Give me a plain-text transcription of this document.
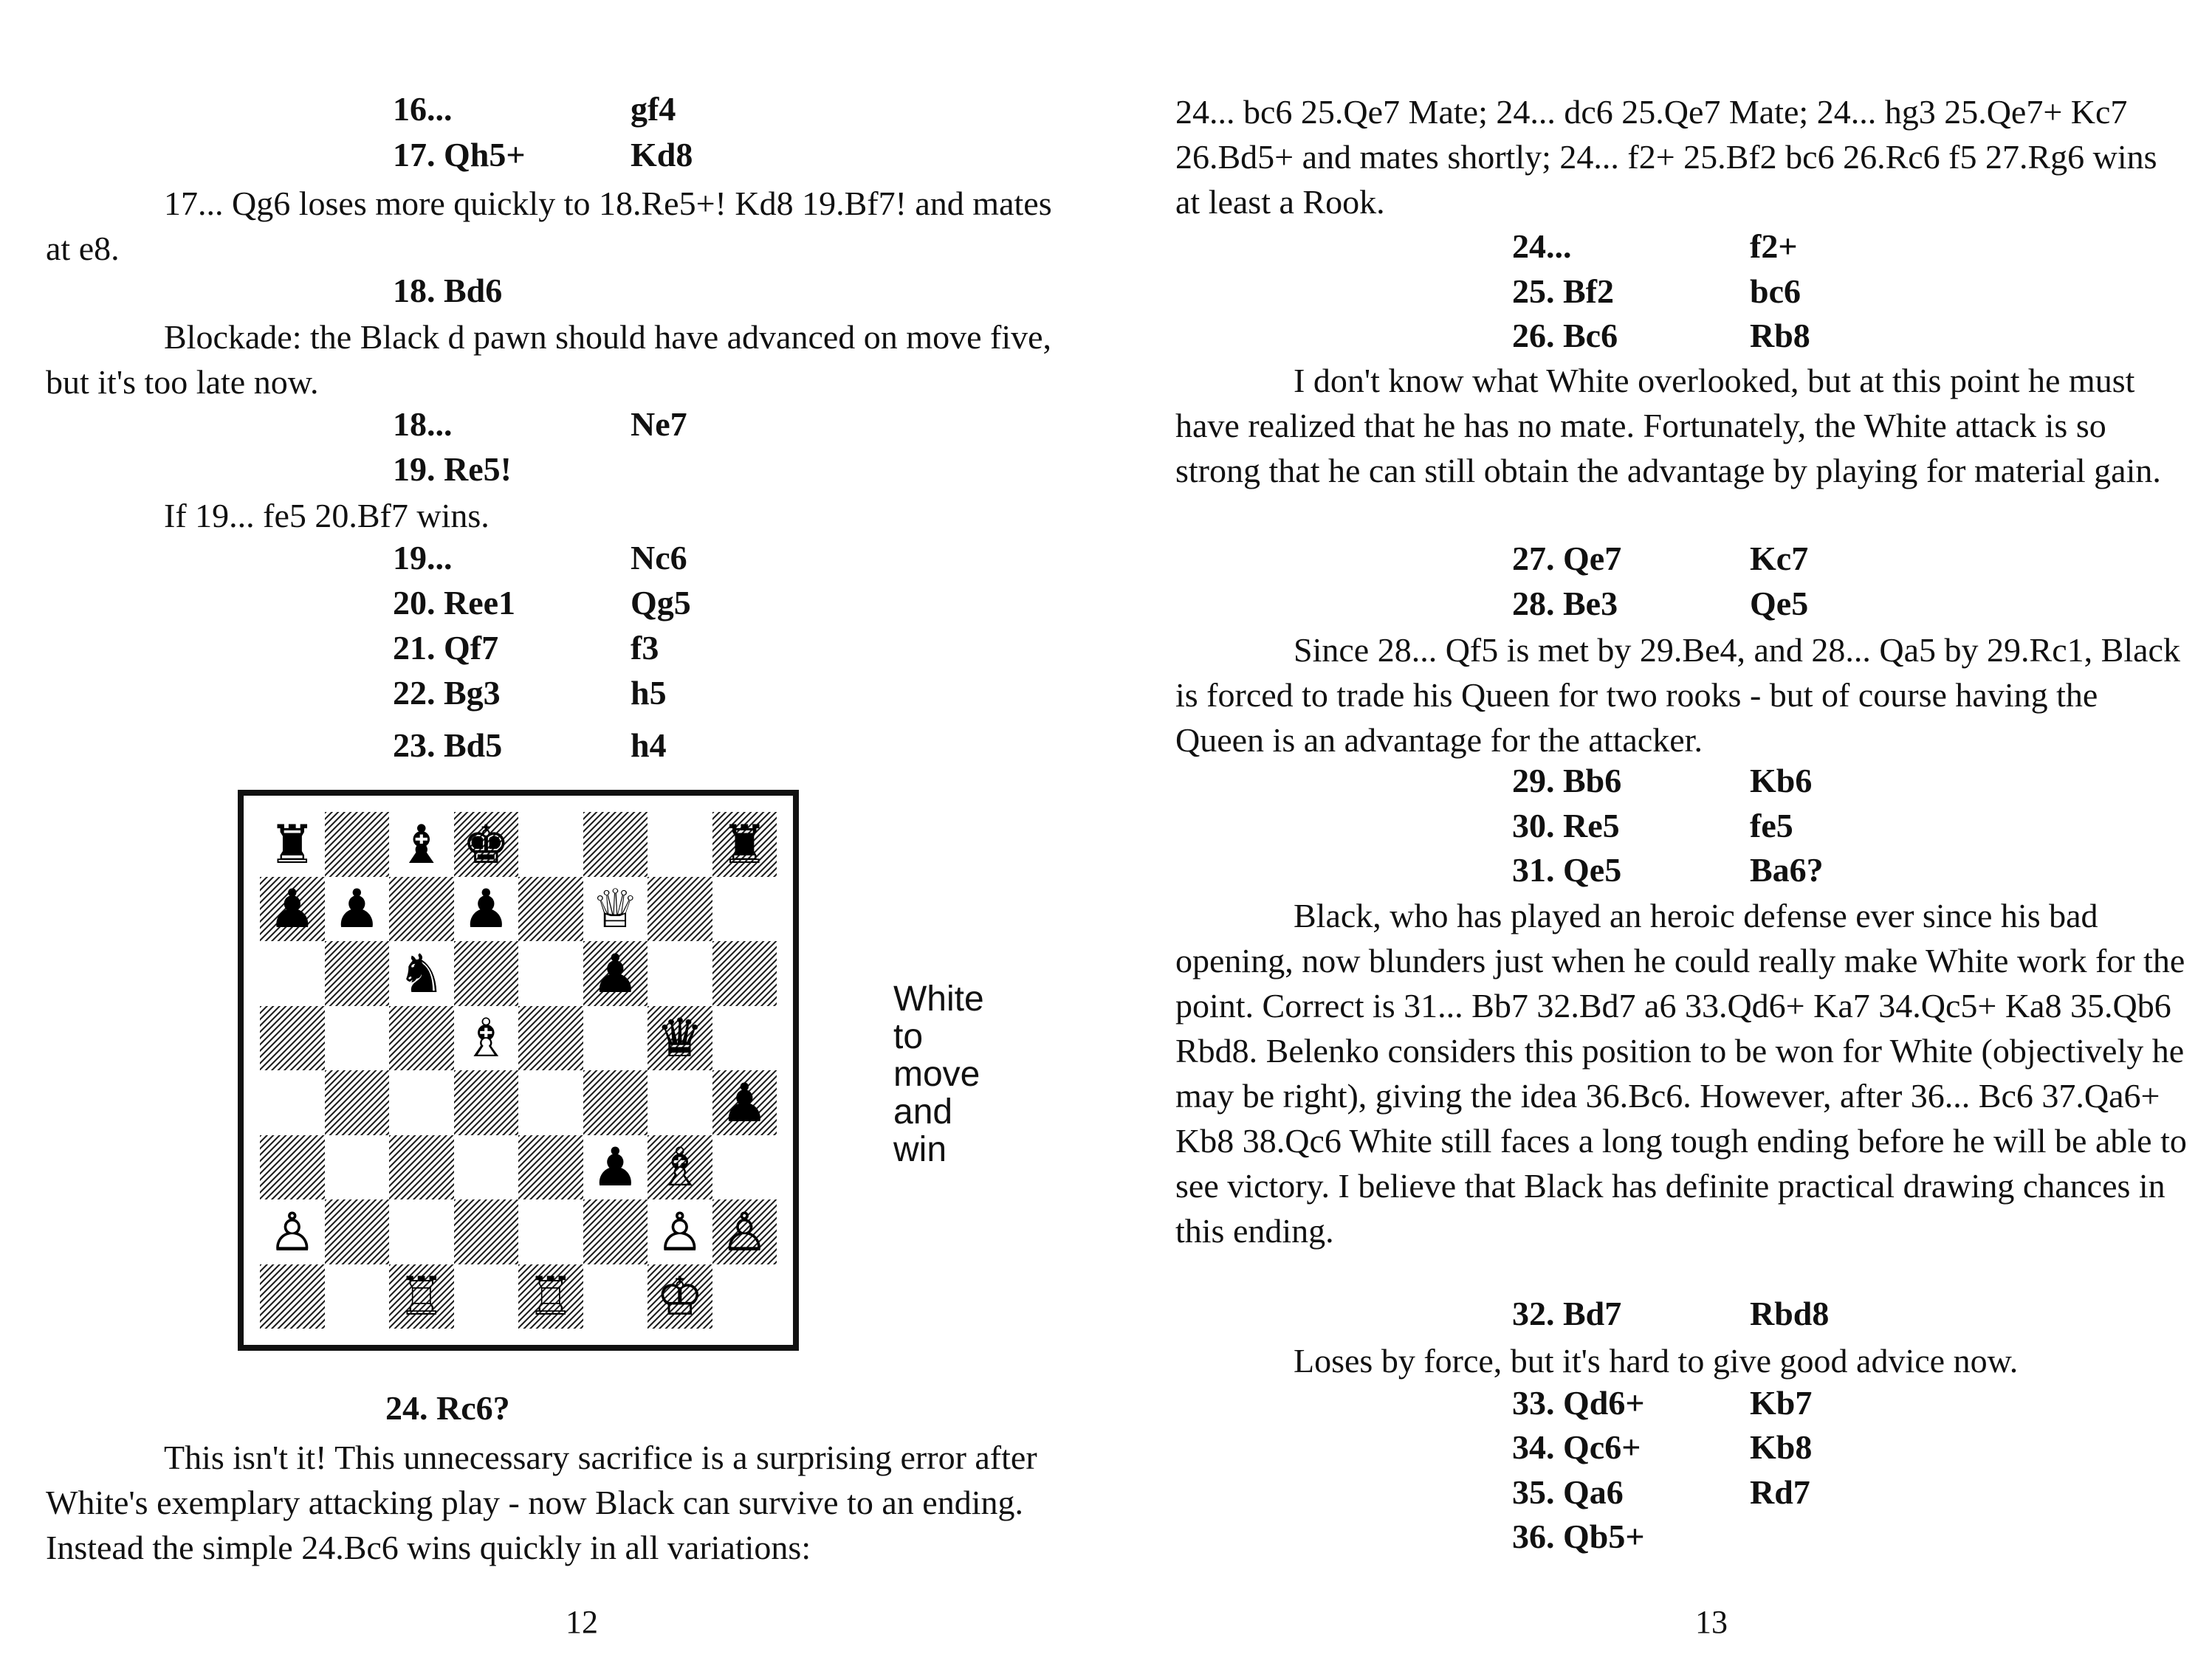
16...	gf4
17. Qh5+	Kd8

17... Qg6 loses more quickly to 18.Re5+! Kd8 19.Bf7! and mates at e8.

18. Bd6

Blockade: the Black d pawn should have advanced on move five, but it's too late now.

18...	Ne7
19. Re5!

If 19... fe5 20.Bf7 wins.

19...	Nc6
20. Ree1	Qg5
21. Qf7	f3
22. Bg3	h5
23. Bd5	h4
♜ ♝ ♚	♜
♟ ♟ ♟ ♕
♞	♟
♗	♛
♟
♟ ♗
♙	♙ ♙
♖ ♖ ♔
White
to
move
and
win
24. Rc6?

This isn't it! This unnecessary sacrifice is a surprising error after White's exemplary attacking play - now Black can survive to an ending. Instead the simple 24.Bc6 wins quickly in all variations:

12

24... bc6 25.Qe7 Mate; 24... dc6 25.Qe7 Mate; 24... hg3 25.Qe7+ Kc7 26.Bd5+ and mates shortly; 24... f2+ 25.Bf2 bc6 26.Rc6 f5 27.Rg6 wins at least a Rook.

24...	f2+
25. Bf2	bc6
26. Bc6	Rb8

I don't know what White overlooked, but at this point he must have realized that he has no mate. Fortunately, the White attack is so strong that he can still obtain the advantage by playing for material gain.

27. Qe7	Kc7
28. Be3	Qe5

Since 28... Qf5 is met by 29.Be4, and 28... Qa5 by 29.Rc1, Black is forced to trade his Queen for two rooks - but of course having the Queen is an advantage for the attacker.

29. Bb6	Kb6
30. Re5	fe5
31. Qe5	Ba6?

Black, who has played an heroic defense ever since his bad opening, now blunders just when he could really make White work for the point. Correct is 31... Bb7 32.Bd7 a6 33.Qd6+ Ka7 34.Qc5+ Ka8 35.Qb6 Rbd8. Belenko considers this position to be won for White (objectively he may be right), giving the idea 36.Bc6. However, after 36... Bc6 37.Qa6+ Kb8 38.Qc6 White still faces a long tough ending before he will be able to see victory. I believe that Black has definite practical drawing chances in this ending.

32. Bd7	Rbd8

Loses by force, but it's hard to give good advice now.

33. Qd6+	Kb7
34. Qc6+	Kb8
35. Qa6	Rd7
36. Qb5+
13
